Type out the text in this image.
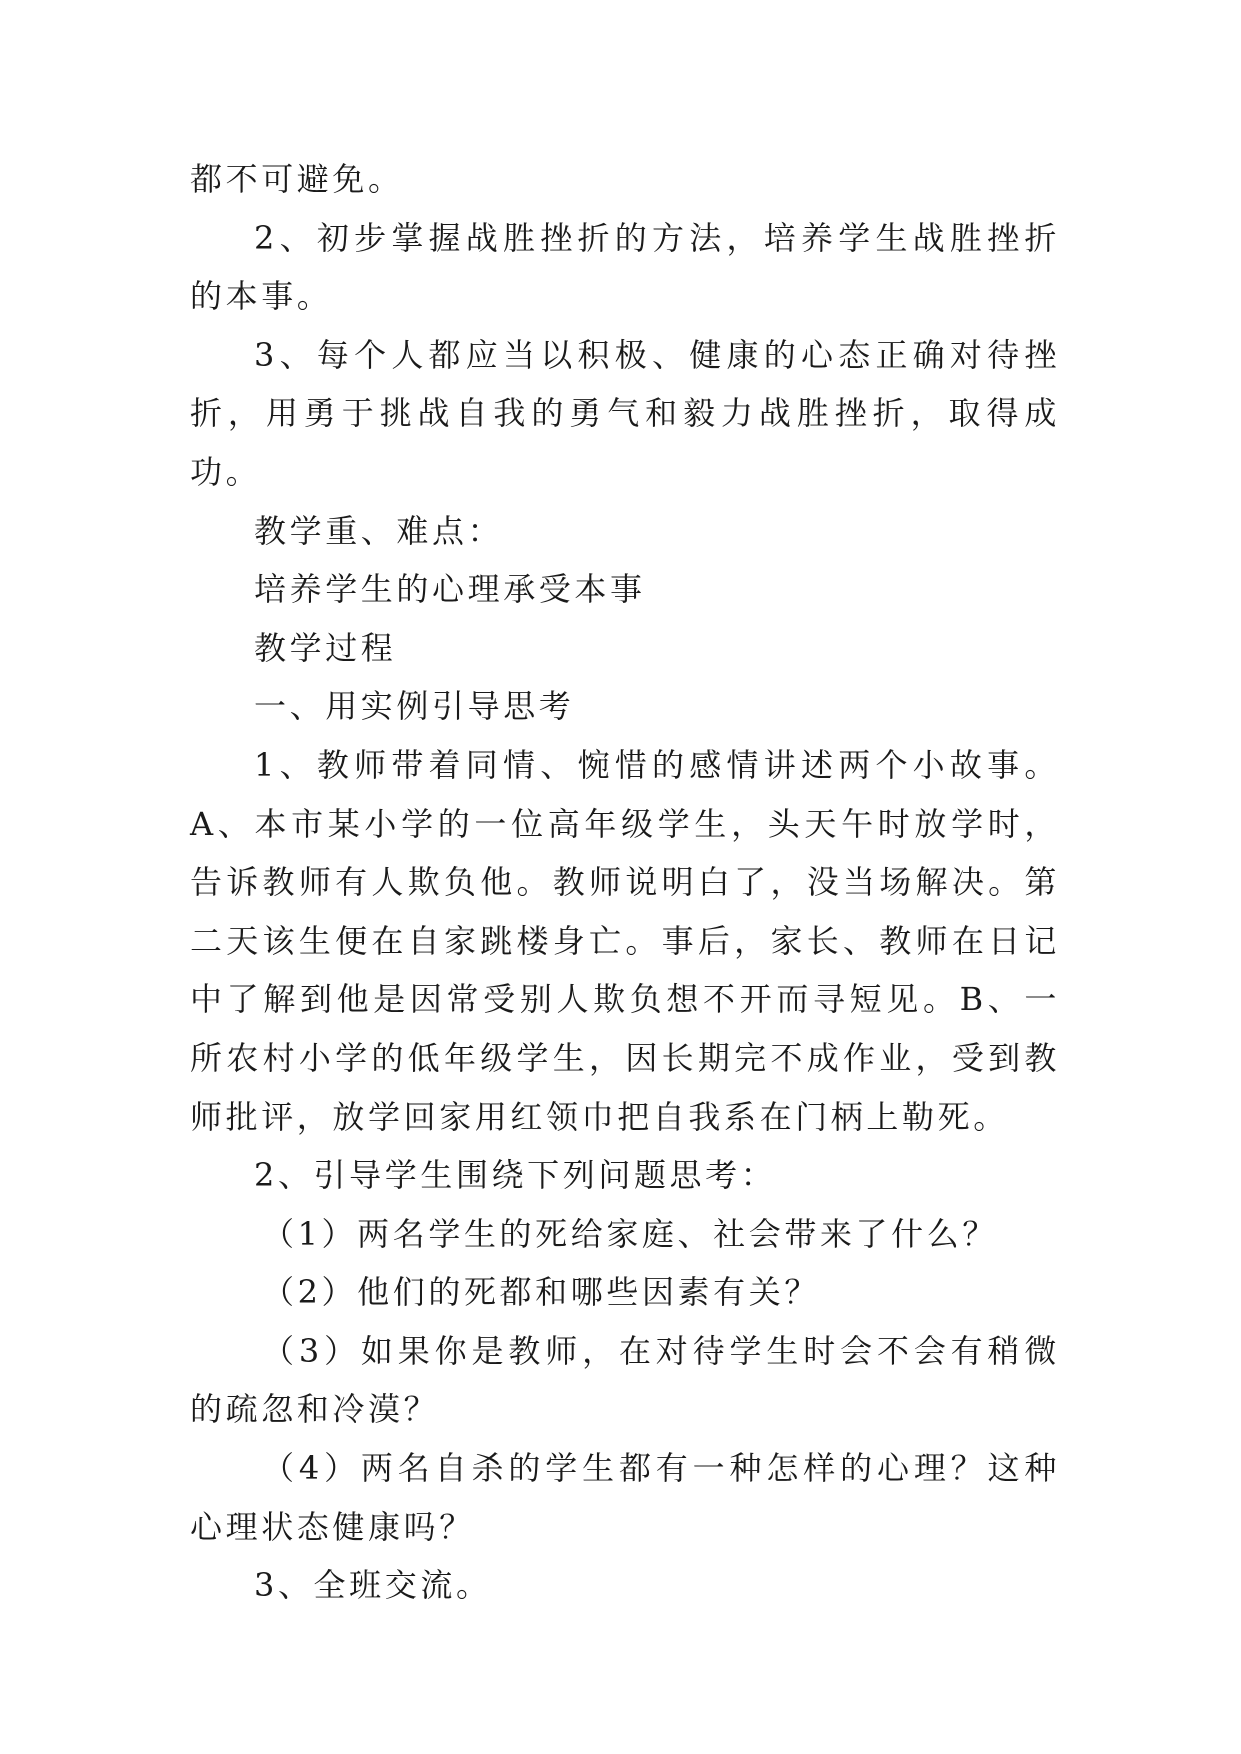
都不可避免。

2、初步掌握战胜挫折的方法，培养学生战胜挫折的本事。

3、每个人都应当以积极、健康的心态正确对待挫折，用勇于挑战自我的勇气和毅力战胜挫折，取得成功。

教学重、难点：

培养学生的心理承受本事

教学过程

一、用实例引导思考

1、教师带着同情、惋惜的感情讲述两个小故事。A、本市某小学的一位高年级学生，头天午时放学时，告诉教师有人欺负他。教师说明白了，没当场解决。第二天该生便在自家跳楼身亡。事后，家长、教师在日记中了解到他是因常受别人欺负想不开而寻短见。B、一所农村小学的低年级学生，因长期完不成作业，受到教师批评，放学回家用红领巾把自我系在门柄上勒死。

2、引导学生围绕下列问题思考：

（1）两名学生的死给家庭、社会带来了什么？

（2）他们的死都和哪些因素有关？

（3）如果你是教师，在对待学生时会不会有稍微的疏忽和冷漠？

（4）两名自杀的学生都有一种怎样的心理？这种心理状态健康吗？

3、全班交流。
